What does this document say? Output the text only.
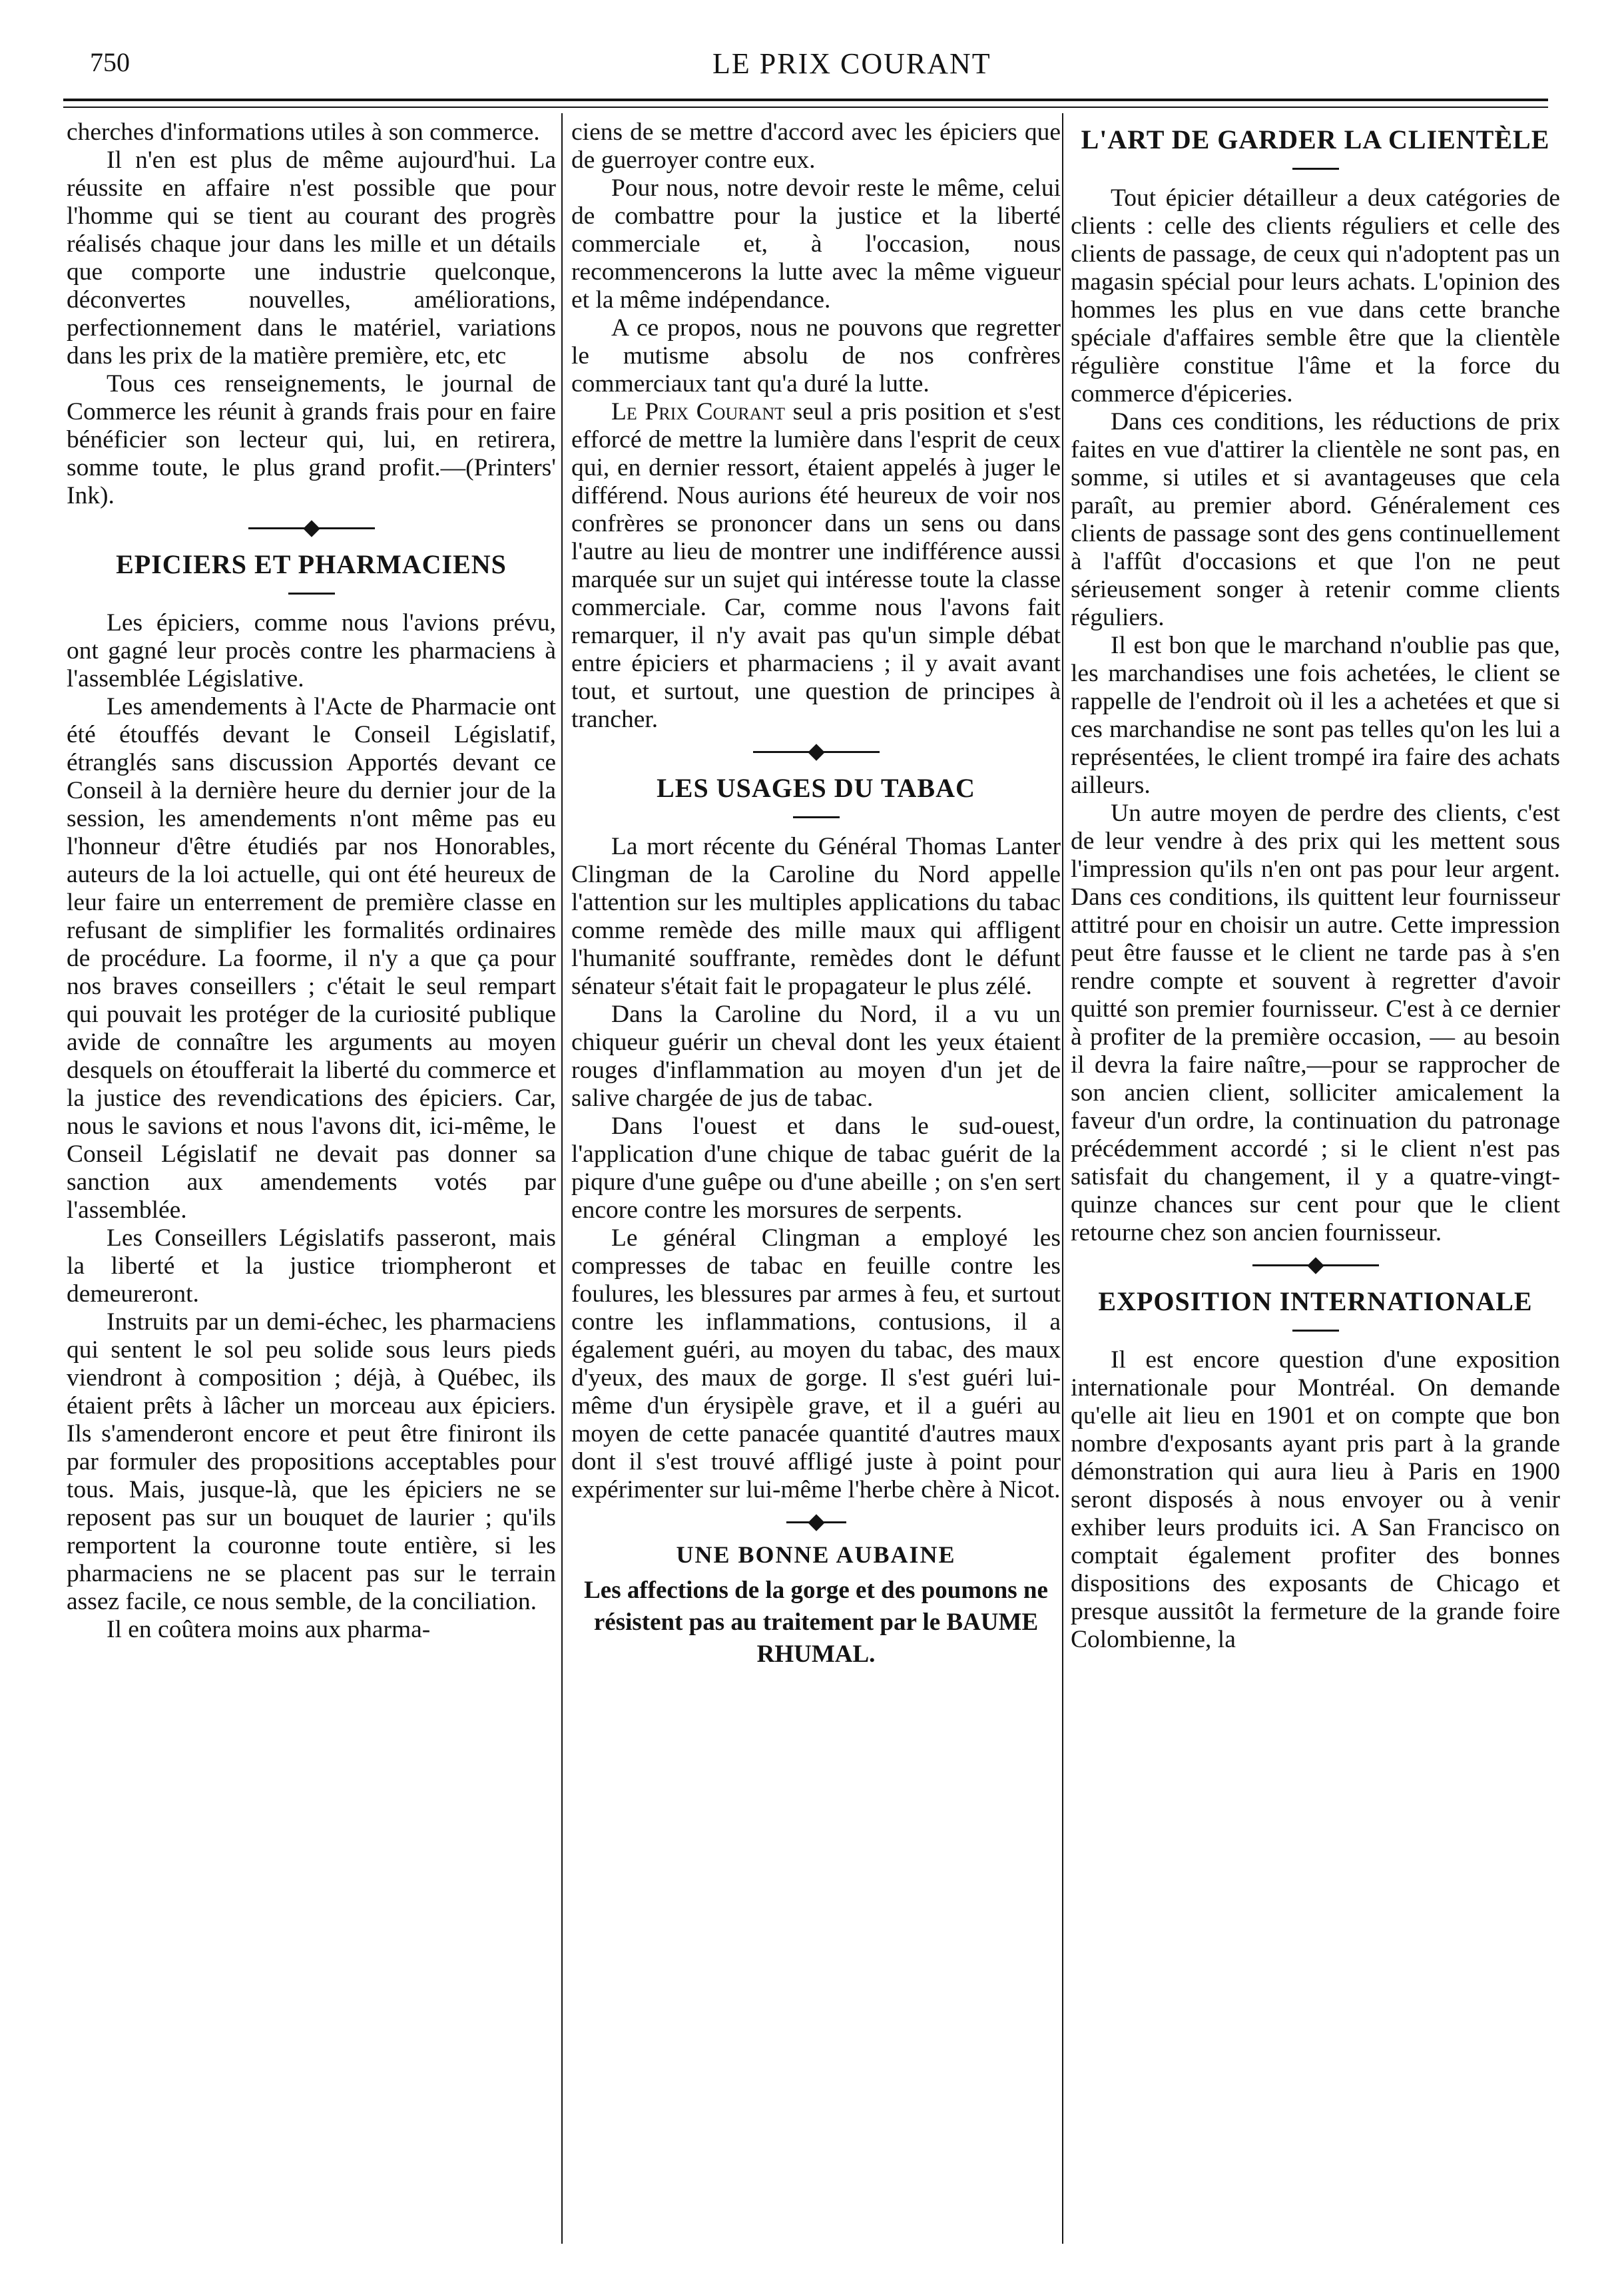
750	LE PRIX COURANT

cherches d'informations utiles à son commerce.

Il n'en est plus de même aujourd'hui. La réussite en affaire n'est possible que pour l'homme qui se tient au courant des progrès réalisés chaque jour dans les mille et un détails que comporte une industrie quelconque, déconvertes nouvelles, améliorations, perfectionnement dans le matériel, variations dans les prix de la matière première, etc, etc

Tous ces renseignements, le journal de Commerce les réunit à grands frais pour en faire bénéficier son lecteur qui, lui, en retirera, somme toute, le plus grand profit.—(Printers' Ink).

EPICIERS ET PHARMACIENS

Les épiciers, comme nous l'avions prévu, ont gagné leur procès contre les pharmaciens à l'assemblée Législative.

Les amendements à l'Acte de Pharmacie ont été étouffés devant le Conseil Législatif, étranglés sans discussion Apportés devant ce Conseil à la dernière heure du dernier jour de la session, les amendements n'ont même pas eu l'honneur d'être étudiés par nos Honorables, auteurs de la loi actuelle, qui ont été heureux de leur faire un enterrement de première classe en refusant de simplifier les formalités ordinaires de procédure. La foorme, il n'y a que ça pour nos braves conseillers ; c'était le seul rempart qui pouvait les protéger de la curiosité publique avide de connaître les arguments au moyen desquels on étoufferait la liberté du commerce et la justice des revendications des épiciers. Car, nous le savions et nous l'avons dit, ici-même, le Conseil Législatif ne devait pas donner sa sanction aux amendements votés par l'assemblée.

Les Conseillers Législatifs passeront, mais la liberté et la justice triompheront et demeureront.

Instruits par un demi-échec, les pharmaciens qui sentent le sol peu solide sous leurs pieds viendront à composition ; déjà, à Québec, ils étaient prêts à lâcher un morceau aux épiciers. Ils s'amenderont encore et peut être finiront ils par formuler des propositions acceptables pour tous. Mais, jusque-là, que les épiciers ne se reposent pas sur un bouquet de laurier ; qu'ils remportent la couronne toute entière, si les pharmaciens ne se placent pas sur le terrain assez facile, ce nous semble, de la conciliation.

Il en coûtera moins aux pharma-

ciens de se mettre d'accord avec les épiciers que de guerroyer contre eux.

Pour nous, notre devoir reste le même, celui de combattre pour la justice et la liberté commerciale et, à l'occasion, nous recommencerons la lutte avec la même vigueur et la même indépendance.

A ce propos, nous ne pouvons que regretter le mutisme absolu de nos confrères commerciaux tant qu'a duré la lutte.

Le Prix Courant seul a pris position et s'est efforcé de mettre la lumière dans l'esprit de ceux qui, en dernier ressort, étaient appelés à juger le différend. Nous aurions été heureux de voir nos confrères se prononcer dans un sens ou dans l'autre au lieu de montrer une indifférence aussi marquée sur un sujet qui intéresse toute la classe commerciale. Car, comme nous l'avons fait remarquer, il n'y avait pas qu'un simple débat entre épiciers et pharmaciens ; il y avait avant tout, et surtout, une question de principes à trancher.

LES USAGES DU TABAC

La mort récente du Général Thomas Lanter Clingman de la Caroline du Nord appelle l'attention sur les multiples applications du tabac comme remède des mille maux qui affligent l'humanité souffrante, remèdes dont le défunt sénateur s'était fait le propagateur le plus zélé.

Dans la Caroline du Nord, il a vu un chiqueur guérir un cheval dont les yeux étaient rouges d'inflammation au moyen d'un jet de salive chargée de jus de tabac.

Dans l'ouest et dans le sud-ouest, l'application d'une chique de tabac guérit de la piqure d'une guêpe ou d'une abeille ; on s'en sert encore contre les morsures de serpents.

Le général Clingman a employé les compresses de tabac en feuille contre les foulures, les blessures par armes à feu, et surtout contre les inflammations, contusions, il a également guéri, au moyen du tabac, des maux d'yeux, des maux de gorge. Il s'est guéri lui-même d'un érysipèle grave, et il a guéri au moyen de cette panacée quantité d'autres maux dont il s'est trouvé affligé juste à point pour expérimenter sur lui-même l'herbe chère à Nicot.

UNE BONNE AUBAINE
Les affections de la gorge et des poumons ne résistent pas au traitement par le BAUME RHUMAL.
L'ART DE GARDER LA CLIENTÈLE

Tout épicier détailleur a deux catégories de clients : celle des clients réguliers et celle des clients de passage, de ceux qui n'adoptent pas un magasin spécial pour leurs achats. L'opinion des hommes les plus en vue dans cette branche spéciale d'affaires semble être que la clientèle régulière constitue l'âme et la force du commerce d'épiceries.

Dans ces conditions, les réductions de prix faites en vue d'attirer la clientèle ne sont pas, en somme, si utiles et si avantageuses que cela paraît, au premier abord. Généralement ces clients de passage sont des gens continuellement à l'affût d'occasions et que l'on ne peut sérieusement songer à retenir comme clients réguliers.

Il est bon que le marchand n'oublie pas que, les marchandises une fois achetées, le client se rappelle de l'endroit où il les a achetées et que si ces marchandise ne sont pas telles qu'on les lui a représentées, le client trompé ira faire des achats ailleurs.

Un autre moyen de perdre des clients, c'est de leur vendre à des prix qui les mettent sous l'impression qu'ils n'en ont pas pour leur argent. Dans ces conditions, ils quittent leur fournisseur attitré pour en choisir un autre. Cette impression peut être fausse et le client ne tarde pas à s'en rendre compte et souvent à regretter d'avoir quitté son premier fournisseur. C'est à ce dernier à profiter de la première occasion, — au besoin il devra la faire naître,—pour se rapprocher de son ancien client, solliciter amicalement la faveur d'un ordre, la continuation du patronage précédemment accordé ; si le client n'est pas satisfait du changement, il y a quatre-vingt-quinze chances sur cent pour que le client retourne chez son ancien fournisseur.

EXPOSITION INTERNATIONALE

Il est encore question d'une exposition internationale pour Montréal. On demande qu'elle ait lieu en 1901 et on compte que bon nombre d'exposants ayant pris part à la grande démonstration qui aura lieu à Paris en 1900 seront disposés à nous envoyer ou à venir exhiber leurs produits ici. A San Francisco on comptait également profiter des bonnes dispositions des exposants de Chicago et presque aussitôt la fermeture de la grande foire Colombienne, la
